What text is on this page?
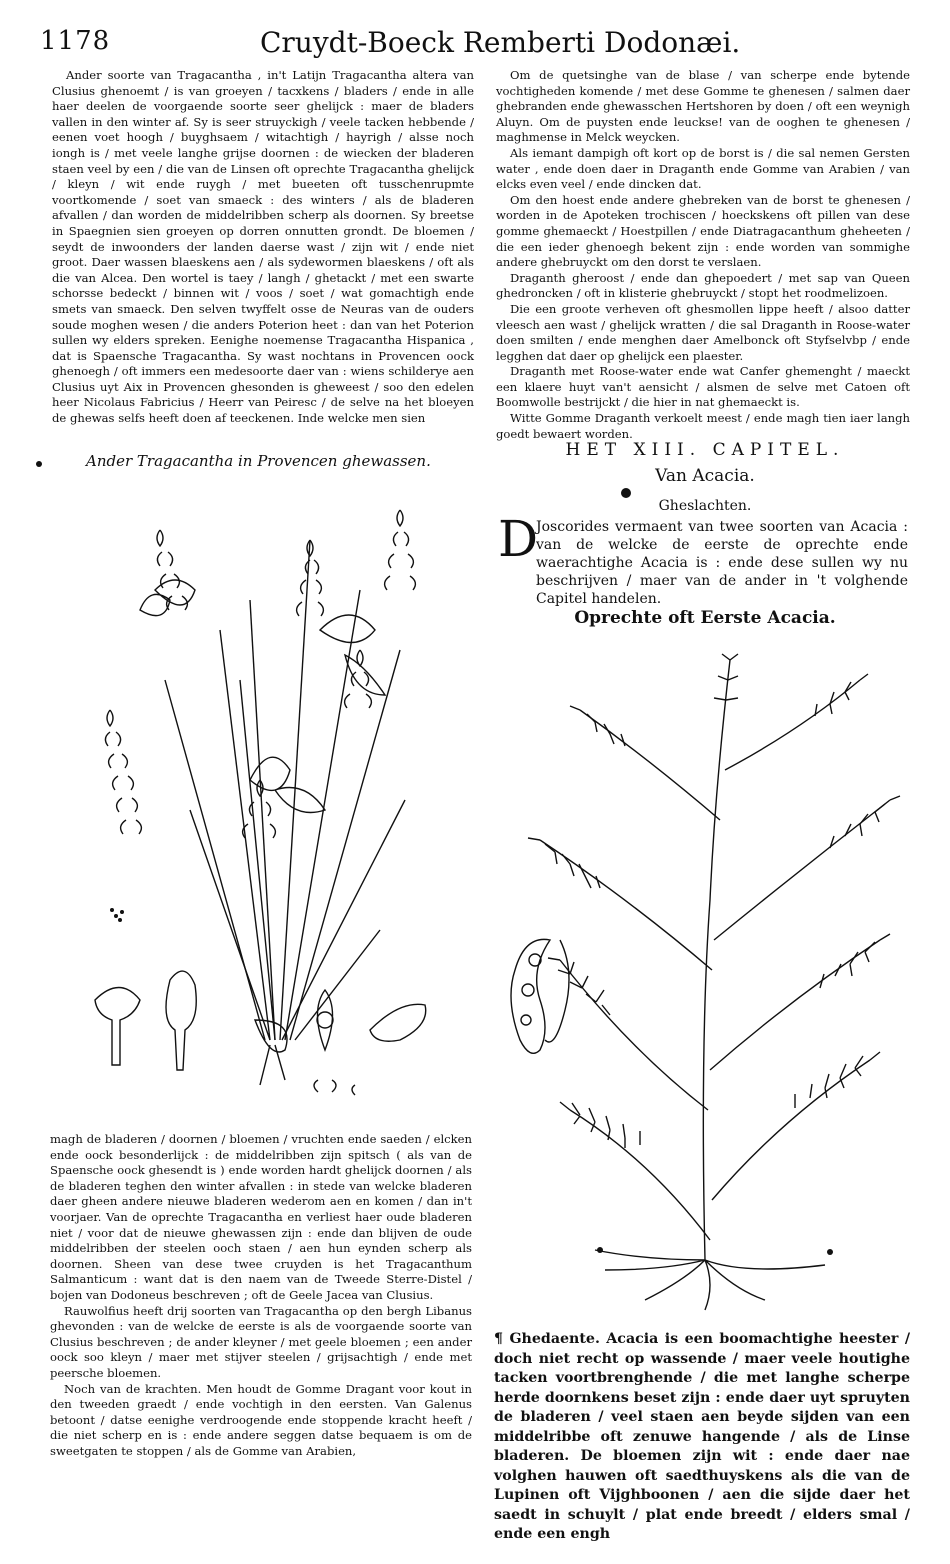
1178	Cruydt-Boeck Remberti Dodonæi.

Ander soorte van Tragacantha , in't Latijn Tragacantha altera van Clusius ghenoemt / is van groeyen / tacxkens / bladers / ende in alle haer deelen de voorgaende soorte seer ghelijck : maer de bladers vallen in den winter af. Sy is seer struyckigh / veele tacken hebbende / eenen voet hoogh / buyghsaem / witachtigh / hayrigh / alsse noch iongh is / met veele langhe grijse doornen : de wiecken der bladeren staen veel by een / die van de Linsen oft oprechte Tragacantha ghelijck / kleyn / wit ende ruygh / met bueeten oft tusschenrupmte voortkomende / soet van smaeck : des winters / als de bladeren afvallen / dan worden de middelribben scherp als doornen. Sy breetse in Spaegnien sien groeyen op dorren onnutten grondt. De bloemen / seydt de inwoonders der landen daerse wast / zijn wit / ende niet groot. Daer wassen blaeskens aen / als sydewormen blaeskens / oft als die van Alcea. Den wortel is taey / langh / ghetackt / met een swarte schorsse bedeckt / binnen wit / voos / soet / wat gomachtigh ende smets van smaeck. Den selven twyffelt osse de Neuras van de ouders soude moghen wesen / die anders Poterion heet : dan van het Poterion sullen wy elders spreken. Eenighe noemense Tragacantha Hispanica , dat is Spaensche Tragacantha. Sy wast nochtans in Provencen oock ghenoegh / oft immers een medesoorte daer van : wiens schilderye aen Clusius uyt Aix in Provencen ghesonden is gheweest / soo den edelen heer Nicolaus Fabricius / Heerr van Peiresc / de selve na het bloeyen de ghewas selfs heeft doen af teeckenen. Inde welcke men sien

Ander Tragacantha in Provencen ghewassen.

magh de bladeren / doornen / bloemen / vruchten ende saeden / elcken ende oock besonderlijck : de middelribben zijn spitsch ( als van de Spaensche oock ghesendt is ) ende worden hardt ghelijck doornen / als de bladeren teghen den winter afvallen : in stede van welcke bladeren daer gheen andere nieuwe bladeren wederom aen en komen / dan in't voorjaer. Van de oprechte Tragacantha en verliest haer oude bladeren niet / voor dat de nieuwe ghewassen zijn : ende dan blijven de oude middelribben der steelen ooch staen / aen hun eynden scherp als doornen. Sheen van dese twee cruyden is het Tragacanthum Salmanticum : want dat is den naem van de Tweede Sterre-Distel / bojen van Dodoneus beschreven ; oft de Geele Jacea van Clusius.

Rauwolfius heeft drij soorten van Tragacantha op den bergh Libanus ghevonden : van de welcke de eerste is als de voorgaende soorte van Clusius beschreven ; de ander kleyner / met geele bloemen ; een ander oock soo kleyn / maer met stijver steelen / grijsachtigh / ende met peersche bloemen.

Noch van de krachten. Men houdt de Gomme Dragant voor kout in den tweeden graedt / ende vochtigh in den eersten. Van Galenus betoont / datse eenighe verdroogende ende stoppende kracht heeft / die niet scherp en is : ende andere seggen datse bequaem is om de sweetgaten te stoppen / als de Gomme van Arabien,

Om de quetsinghe van de blase / van scherpe ende bytende vochtigheden komende / met dese Gomme te ghenesen / salmen daer ghebranden ende ghewasschen Hertshoren by doen / oft een weynigh Aluyn. Om de puysten ende leuckse! van de ooghen te ghenesen / maghmense in Melck weycken.

Als iemant dampigh oft kort op de borst is / die sal nemen Gersten water , ende doen daer in Draganth ende Gomme van Arabien / van elcks even veel / ende dincken dat.

Om den hoest ende andere ghebreken van de borst te ghenesen / worden in de Apoteken trochiscen / hoeckskens oft pillen van dese gomme ghemaeckt / Hoestpillen / ende Diatragacanthum gheheeten / die een ieder ghenoegh bekent zijn : ende worden van sommighe andere ghebruyckt om den dorst te verslaen.

Draganth gheroost / ende dan ghepoedert / met sap van Queen ghedroncken / oft in klisterie ghebruyckt / stopt het roodmelizoen.

Die een groote verheven oft ghesmollen lippe heeft / alsoo datter vleesch aen wast / ghelijck wratten / die sal Draganth in Roose-water doen smilten / ende menghen daer Amelbonck oft Styfselvbp / ende legghen dat daer op ghelijck een plaester.

Draganth met Roose-water ende wat Canfer ghemenght / maeckt een klaere huyt van't aensicht / alsmen de selve met Catoen oft Boomwolle bestrijckt / die hier in nat ghemaeckt is.

Witte Gomme Draganth verkoelt meest / ende magh tien iaer langh goedt bewaert worden.

HET XIII. CAPITEL.
Van Acacia.
Gheslachten.
D
Joscorides vermaent van twee soorten van Acacia : van de welcke de eerste de oprechte ende waerachtighe Acacia is : ende dese sullen wy nu beschrijven / maer van de ander in 't volghende Capitel handelen.
Oprechte oft Eerste Acacia.
¶ Ghedaente. Acacia is een boomachtighe heester / doch niet recht op wassende / maer veele houtighe tacken voortbrenghende / die met langhe scherpe herde doornkens beset zijn : ende daer uyt spruyten de bladeren / veel staen aen beyde sijden van een middelribbe oft zenuwe hangende / als de Linse bladeren. De bloemen zijn wit : ende daer nae volghen hauwen oft saedthuyskens als die van de Lupinen oft Vijghboonen / aen die sijde daer het saedt in schuylt / plat ende breedt / elders smal / ende een engh
